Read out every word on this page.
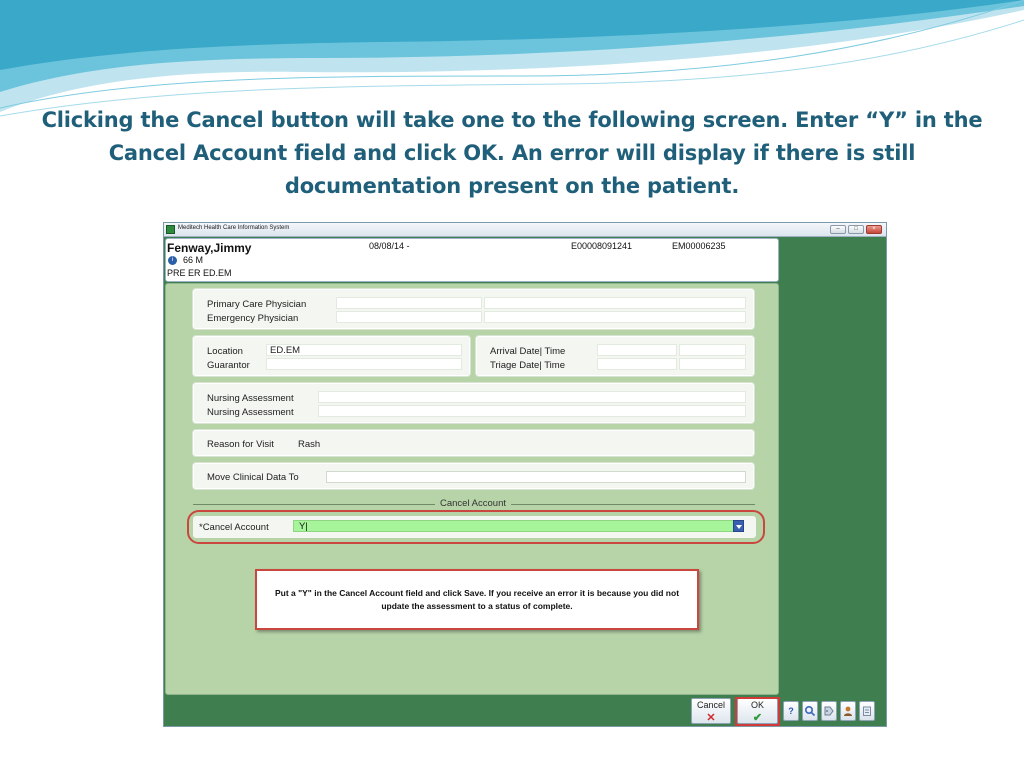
Clicking the Cancel button will take one to the following screen. Enter “Y” in the Cancel Account field and click OK. An error will display if there is still documentation present on the patient.
Meditech Health Care Information System	–	□	×
Fenway,Jimmy
i	66 M
PRE ER ED.EM
08/08/14 -	E00008091241	EM00006235
Primary Care Physician
Emergency Physician
Location	ED.EM
Guarantor
Arrival Date| Time
Triage Date| Time
Nursing Assessment
Nursing Assessment
Reason for Visit	Rash
Move Clinical Data To
Cancel Account
*Cancel Account	Y|
Put a "Y" in the Cancel Account field and click Save. If you receive an error it is because you did not update the assessment to a status of complete.
Cancel
✕
OK
✔
?
